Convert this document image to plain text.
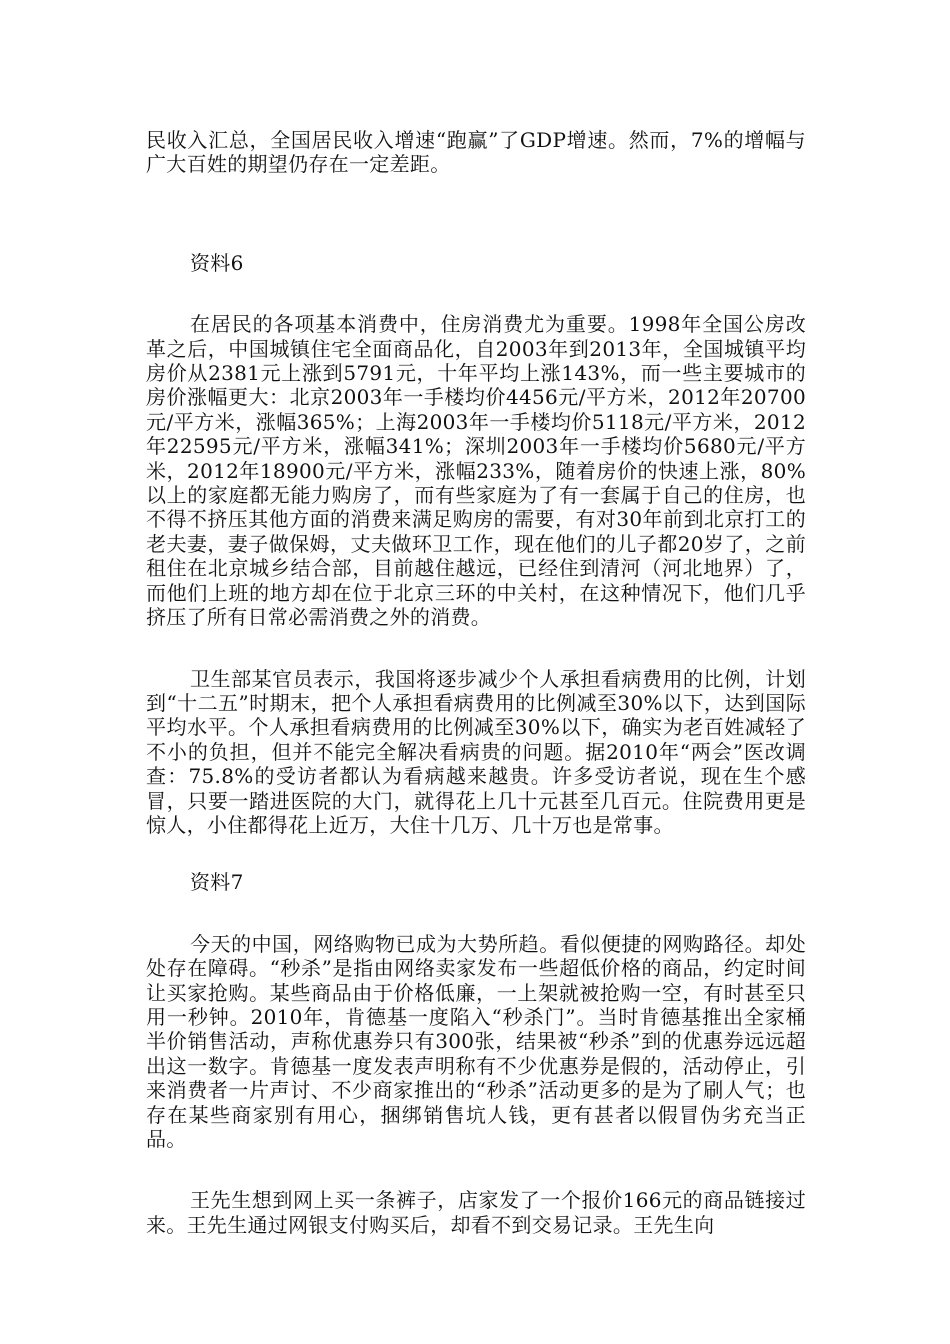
民收入汇总，全国居民收入增速“跑赢”了GDP增速。然而，7%的增幅与广大百姓的期望仍存在一定差距。

资料6

在居民的各项基本消费中，住房消费尤为重要。1998年全国公房改革之后，中国城镇住宅全面商品化，自2003年到2013年，全国城镇平均房价从2381元上涨到5791元，十年平均上涨143%，而一些主要城市的房价涨幅更大：北京2003年一手楼均价4456元/平方米，2012年20700元/平方米，涨幅365%；上海2003年一手楼均价5118元/平方米，2012年22595元/平方米，涨幅341%；深圳2003年一手楼均价5680元/平方米，2012年18900元/平方米，涨幅233%，随着房价的快速上涨，80%以上的家庭都无能力购房了，而有些家庭为了有一套属于自己的住房，也不得不挤压其他方面的消费来满足购房的需要，有对30年前到北京打工的老夫妻，妻子做保姆，丈夫做环卫工作，现在他们的儿子都20岁了，之前租住在北京城乡结合部，目前越住越远，已经住到清河（河北地界）了，而他们上班的地方却在位于北京三环的中关村，在这种情况下，他们几乎挤压了所有日常必需消费之外的消费。

卫生部某官员表示，我国将逐步减少个人承担看病费用的比例，计划到“十二五”时期末，把个人承担看病费用的比例减至30%以下，达到国际平均水平。个人承担看病费用的比例减至30%以下，确实为老百姓减轻了不小的负担，但并不能完全解决看病贵的问题。据2010年“两会”医改调查：75.8%的受访者都认为看病越来越贵。许多受访者说，现在生个感冒，只要一踏进医院的大门，就得花上几十元甚至几百元。住院费用更是惊人，小住都得花上近万，大住十几万、几十万也是常事。

资料7

今天的中国，网络购物已成为大势所趋。看似便捷的网购路径。却处处存在障碍。“秒杀”是指由网络卖家发布一些超低价格的商品，约定时间让买家抢购。某些商品由于价格低廉，一上架就被抢购一空，有时甚至只用一秒钟。2010年，肯德基一度陷入“秒杀门”。当时肯德基推出全家桶半价销售活动，声称优惠券只有300张，结果被“秒杀”到的优惠券远远超出这一数字。肯德基一度发表声明称有不少优惠券是假的，活动停止，引来消费者一片声讨、不少商家推出的“秒杀”活动更多的是为了刷人气；也存在某些商家别有用心，捆绑销售坑人钱，更有甚者以假冒伪劣充当正品。

王先生想到网上买一条裤子，店家发了一个报价166元的商品链接过来。王先生通过网银支付购买后，却看不到交易记录。王先生向
